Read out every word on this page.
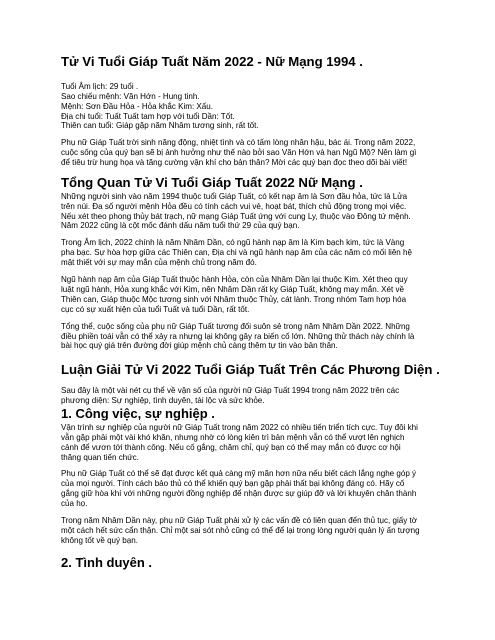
Tử Vi Tuổi Giáp Tuất Năm 2022 - Nữ Mạng 1994 .

Tuổi Âm lịch: 29 tuổi .

Sao chiếu mệnh: Văn Hớn - Hung tinh.

Mệnh: Sơn Đầu Hỏa - Hỏa khắc Kim: Xấu.

Địa chi tuổi: Tuất Tuất tam hợp với tuổi Dần: Tốt.

Thiên can tuổi: Giáp gặp năm Nhâm tương sinh, rất tốt.

Phụ nữ Giáp Tuất trời sinh năng động, nhiệt tình và có tấm lòng nhân hậu, bác ái. Trong năm 2022,
cuộc sống của quý bạn sẽ bị ảnh hưởng như thế nào bởi sao Văn Hớn và hạn Ngũ Mộ? Nên làm gì
để tiêu trừ hung họa và tăng cường vận khí cho bản thân? Mời các quý bạn đọc theo dõi bài viết!

Tổng Quan Tử Vi Tuổi Giáp Tuất 2022 Nữ Mạng .

Những người sinh vào năm 1994 thuộc tuổi Giáp Tuất, có kết nạp âm là Sơn đầu hỏa, tức là Lửa
trên núi. Đa số người mệnh Hỏa đều có tính cách vui vẻ, hoạt bát, thích chủ động trong mọi việc.
Nếu xét theo phong thủy bát trạch, nữ mạng Giáp Tuất ứng với cung Ly, thuộc vào Đông tứ mệnh.
Năm 2022 cũng là cột mốc đánh dấu năm tuổi thứ 29 của quý bạn.

Trong Âm lịch, 2022 chính là năm Nhâm Dần, có ngũ hành nạp âm là Kim bạch kim, tức là Vàng
pha bạc. Sự hòa hợp giữa các Thiên can, Địa chi và ngũ hành nạp âm của các năm có mối liên hệ
mật thiết với sự may mắn của mệnh chủ trong năm đó.

Ngũ hành nạp âm của Giáp Tuất thuộc hành Hỏa, còn của Nhâm Dần lại thuộc Kim. Xét theo quy
luật ngũ hành, Hỏa xung khắc với Kim, nên Nhâm Dần rất kỵ Giáp Tuất, không may mắn. Xét về
Thiên can, Giáp thuộc Mộc tương sinh với Nhâm thuộc Thủy, cát lành. Trong nhóm Tam hợp hóa
cục có sự xuất hiện của tuổi Tuất và tuổi Dần, rất tốt.

Tổng thể, cuộc sống của phụ nữ Giáp Tuất tương đối suôn sẻ trong năm Nhâm Dần 2022. Những
điều phiền toái vẫn có thể xảy ra nhưng lại không gây ra biến cố lớn. Những thử thách này chính là
bài học quý giá trên đường đời giúp mệnh chủ càng thêm tự tin vào bản thân.

Luận Giải Tử Vi 2022 Tuổi Giáp Tuất Trên Các Phương Diện .

Sau đây là một vài nét cụ thể về vận số của người nữ Giáp Tuất 1994 trong năm 2022 trên các
phương diện: Sự nghiệp, tình duyên, tài lộc và sức khỏe.

1. Công việc, sự nghiệp .

Vận trình sự nghiệp của người nữ Giáp Tuất trong năm 2022 có nhiều tiến triển tích cực. Tuy đôi khi
vẫn gặp phải một vài khó khăn, nhưng nhờ có lòng kiên trì bản mệnh vẫn có thể vượt lên nghịch
cảnh để vươn tới thành công. Nếu cố gắng, chăm chỉ, quý bạn có thể may mắn có được cơ hội
thăng quan tiến chức.

Phụ nữ Giáp Tuất có thể sẽ đạt được kết quả càng mỹ mãn hơn nữa nếu biết cách lắng nghe góp ý
của mọi người. Tính cách bảo thủ có thể khiến quý bạn gặp phải thất bại không đáng có. Hãy cố
gắng giữ hòa khí với những người đồng nghiệp để nhận được sự giúp đỡ và lời khuyên chân thành
của họ.

Trong năm Nhâm Dần này, phụ nữ Giáp Tuất phải xử lý các vấn đề có liên quan đến thủ tục, giấy tờ
một cách hết sức cẩn thận. Chỉ một sai sót nhỏ cũng có thể để lại trong lòng người quản lý ấn tượng
không tốt về quý bạn.

2. Tình duyên .
